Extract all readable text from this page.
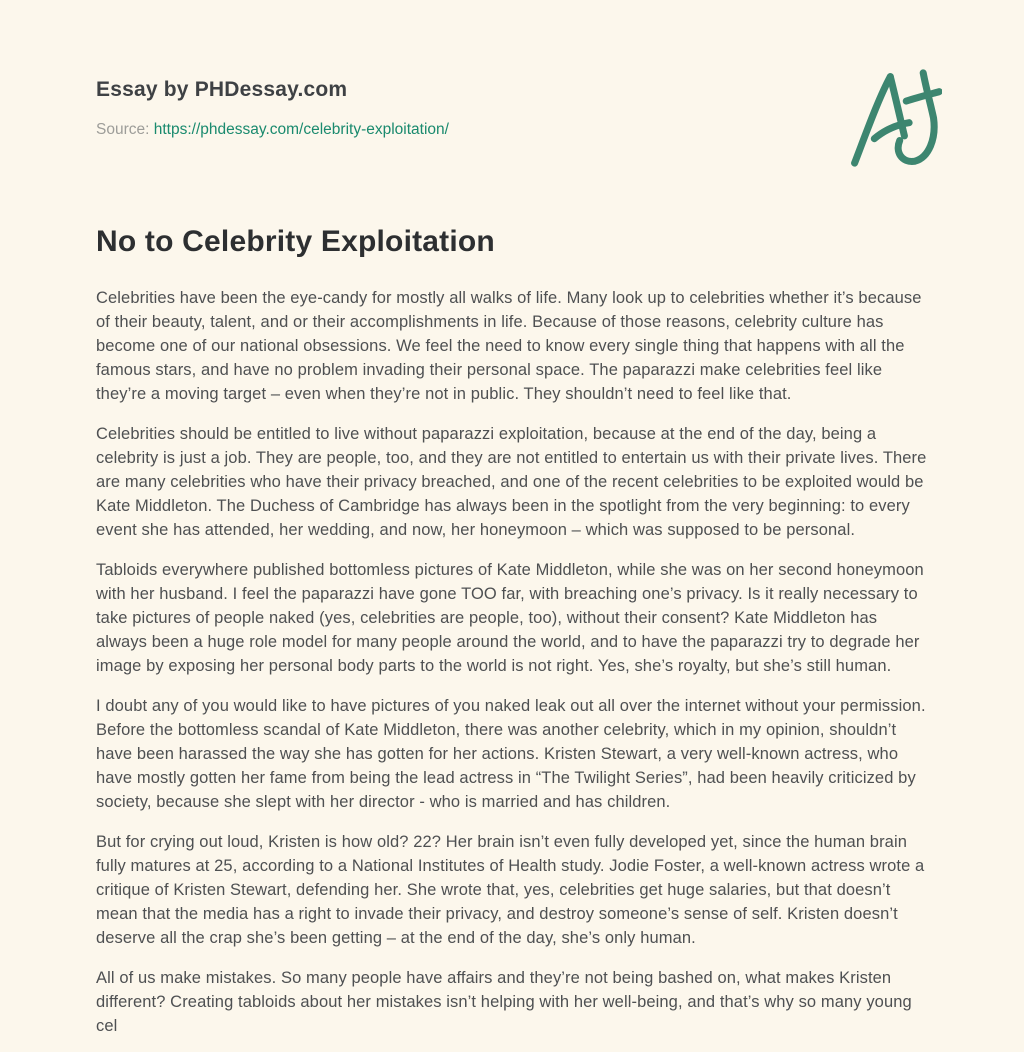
Essay by PHDessay.com
Source: https://phdessay.com/celebrity-exploitation/
No to Celebrity Exploitation

Celebrities have been the eye-candy for mostly all walks of life. Many look up to celebrities whether it’s because of their beauty, talent, and or their accomplishments in life. Because of those reasons, celebrity culture has become one of our national obsessions. We feel the need to know every single thing that happens with all the famous stars, and have no problem invading their personal space. The paparazzi make celebrities feel like they’re a moving target – even when they’re not in public. They shouldn’t need to feel like that.

Celebrities should be entitled to live without paparazzi exploitation, because at the end of the day, being a celebrity is just a job. They are people, too, and they are not entitled to entertain us with their private lives. There are many celebrities who have their privacy breached, and one of the recent celebrities to be exploited would be Kate Middleton. The Duchess of Cambridge has always been in the spotlight from the very beginning: to every event she has attended, her wedding, and now, her honeymoon – which was supposed to be personal.

Tabloids everywhere published bottomless pictures of Kate Middleton, while she was on her second honeymoon with her husband. I feel the paparazzi have gone TOO far, with breaching one’s privacy. Is it really necessary to take pictures of people naked (yes, celebrities are people, too), without their consent? Kate Middleton has always been a huge role model for many people around the world, and to have the paparazzi try to degrade her image by exposing her personal body parts to the world is not right. Yes, she’s royalty, but she’s still human.

I doubt any of you would like to have pictures of you naked leak out all over the internet without your permission. Before the bottomless scandal of Kate Middleton, there was another celebrity, which in my opinion, shouldn’t have been harassed the way she has gotten for her actions. Kristen Stewart, a very well-known actress, who have mostly gotten her fame from being the lead actress in “The Twilight Series”, had been heavily criticized by society, because she slept with her director - who is married and has children.

But for crying out loud, Kristen is how old? 22? Her brain isn’t even fully developed yet, since the human brain fully matures at 25, according to a National Institutes of Health study. Jodie Foster, a well-known actress wrote a critique of Kristen Stewart, defending her. She wrote that, yes, celebrities get huge salaries, but that doesn’t mean that the media has a right to invade their privacy, and destroy someone’s sense of self. Kristen doesn’t deserve all the crap she’s been getting – at the end of the day, she’s only human.

All of us make mistakes. So many people have affairs and they’re not being bashed on, what makes Kristen different? Creating tabloids about her mistakes isn’t helping with her well-being, and that’s why so many young cel
